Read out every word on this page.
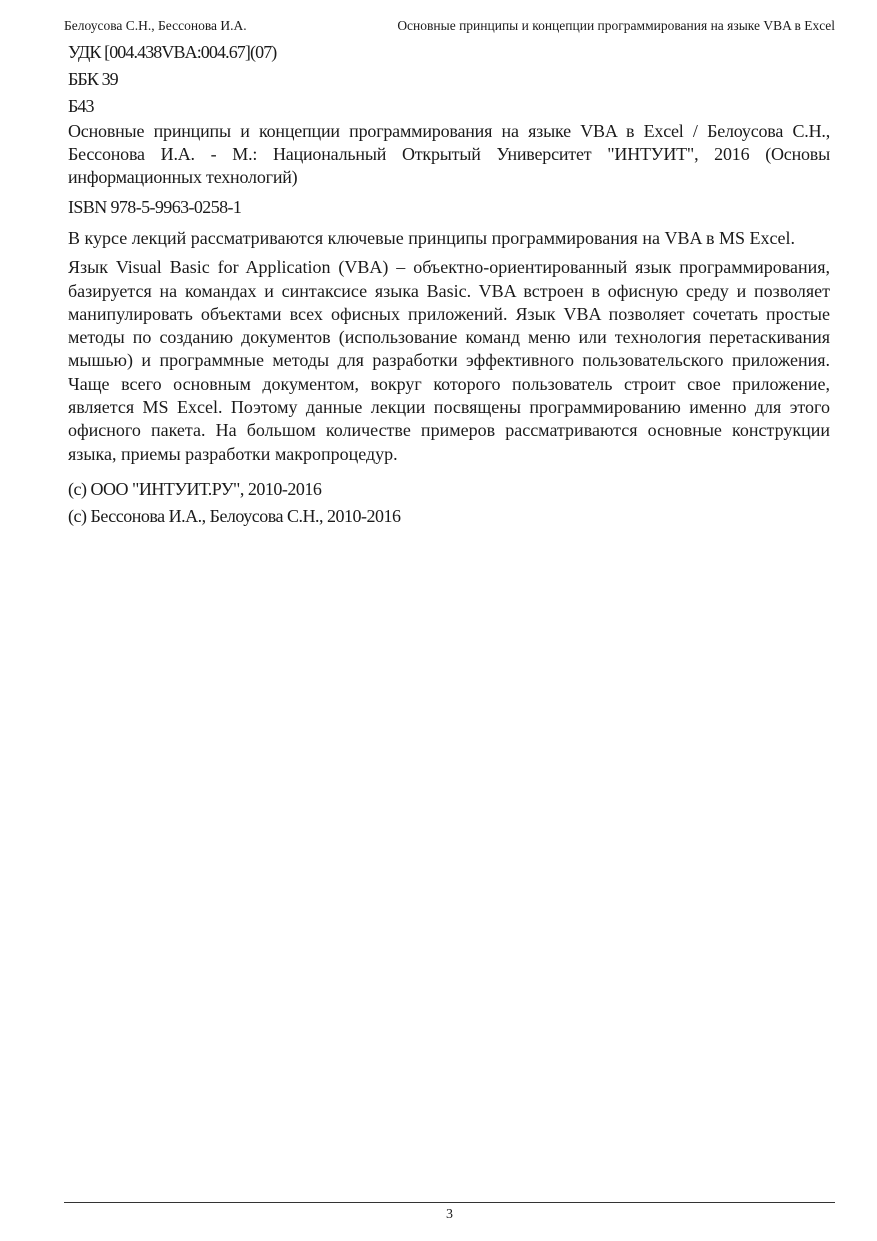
Белоусова С.Н., Бессонова И.А.	Основные принципы и концепции программирования на языке VBA в Excel

УДК [004.438VBA:004.67](07)

ББК 39

Б43

Основные принципы и концепции программирования на языке VBA в Excel / Белоусова С.Н., Бессонова И.А. - М.: Национальный Открытый Университет "ИНТУИТ", 2016 (Основы информационных технологий)

ISBN 978-5-9963-0258-1

В курсе лекций рассматриваются ключевые принципы программирования на VBA в MS Excel.

Язык Visual Basic for Application (VBA) – объектно-ориентированный язык программирования, базируется на командах и синтаксисе языка Basic. VBA встроен в офисную среду и позволяет манипулировать объектами всех офисных приложений. Язык VBA позволяет сочетать простые методы по созданию документов (использование команд меню или технология перетаскивания мышью) и программные методы для разработки эффективного пользовательского приложения. Чаще всего основным документом, вокруг которого пользователь строит свое приложение, является MS Excel. Поэтому данные лекции посвящены программированию именно для этого офисного пакета. На большом количестве примеров рассматриваются основные конструкции языка, приемы разработки макропроцедур.

(c) ООО "ИНТУИТ.РУ", 2010-2016

(c) Бессонова И.А., Белоусова С.Н., 2010-2016

3
